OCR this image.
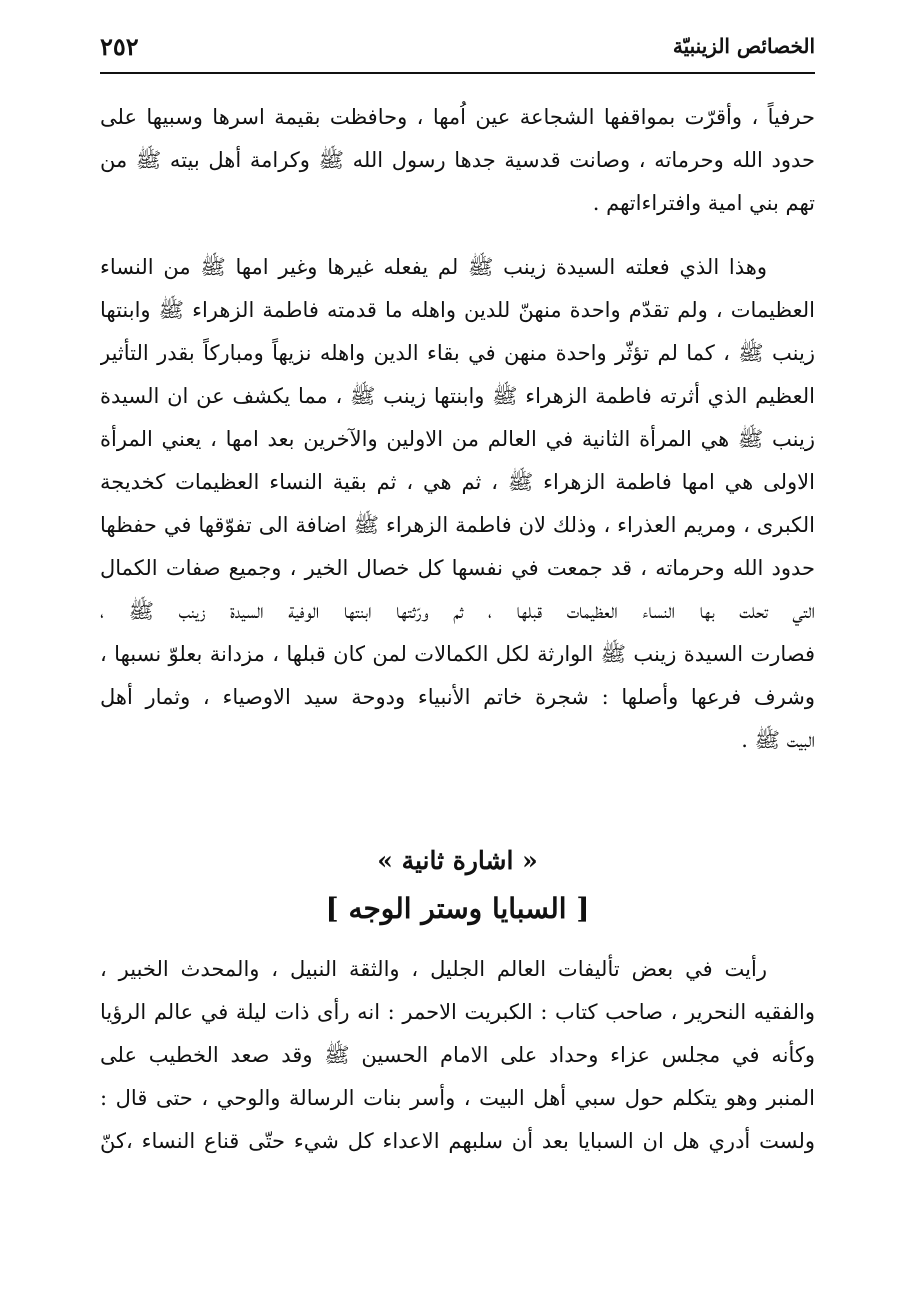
الخصائص الزينبيّة
٢٥٢
حرفياً ، وأقرّت بمواقفها الشجاعة عين اُمها ، وحافظت بقيمة اسرها وسبيها على
حدود الله وحرماته ، وصانت قدسية جدها رسول الله ﷺ وكرامة أهل بيته ﷺ من
تهم بني امية وافتراءاتهم .
وهذا الذي فعلته السيدة زينب ﷺ لم يفعله غيرها وغير امها ﷺ من النساء
العظيمات ، ولم تقدّم واحدة منهنّ للدين واهله ما قدمته فاطمة الزهراء ﷺ وابنتها
زينب ﷺ ، كما لم تؤثّر واحدة منهن في بقاء الدين واهله نزيهاً ومباركاً بقدر التأثير
العظيم الذي أثرته فاطمة الزهراء ﷺ وابنتها زينب ﷺ ، مما يكشف عن ان السيدة
زينب ﷺ هي المرأة الثانية في العالم من الاولين والآخرين بعد امها ، يعني المرأة
الاولى هي امها فاطمة الزهراء ﷺ ، ثم هي ، ثم بقية النساء العظيمات كخديجة
الكبرى ، ومريم العذراء ، وذلك لان فاطمة الزهراء ﷺ اضافة الى تفوّقها في حفظها
حدود الله وحرماته ، قد جمعت في نفسها كل خصال الخير ، وجميع صفات الكمال
التي تحلت بها النساء العظيمات قبلها ، ثم ورّثتها ابنتها الوفية السيدة زينب ﷺ ،
فصارت السيدة زينب ﷺ الوارثة لكل الكمالات لمن كان قبلها ، مزدانة بعلوّ نسبها ،
وشرف فرعها وأصلها : شجرة خاتم الأنبياء ودوحة سيد الاوصياء ، وثمار أهل
البيت ﷺ .
« اشارة ثانية »
[ السبايا وستر الوجه ]
رأيت في بعض تأليفات العالم الجليل ، والثقة النبيل ، والمحدث الخبير ،
والفقيه النحرير ، صاحب كتاب : الكبريت الاحمر : انه رأى ذات ليلة في عالم الرؤيا
وكأنه في مجلس عزاء وحداد على الامام الحسين ﷺ وقد صعد الخطيب على
المنبر وهو يتكلم حول سبي أهل البيت ، وأسر بنات الرسالة والوحي ، حتى قال :
ولست أدري هل ان السبايا بعد أن سلبهم الاعداء كل شيء حتّى قناع النساء ،كنّ
